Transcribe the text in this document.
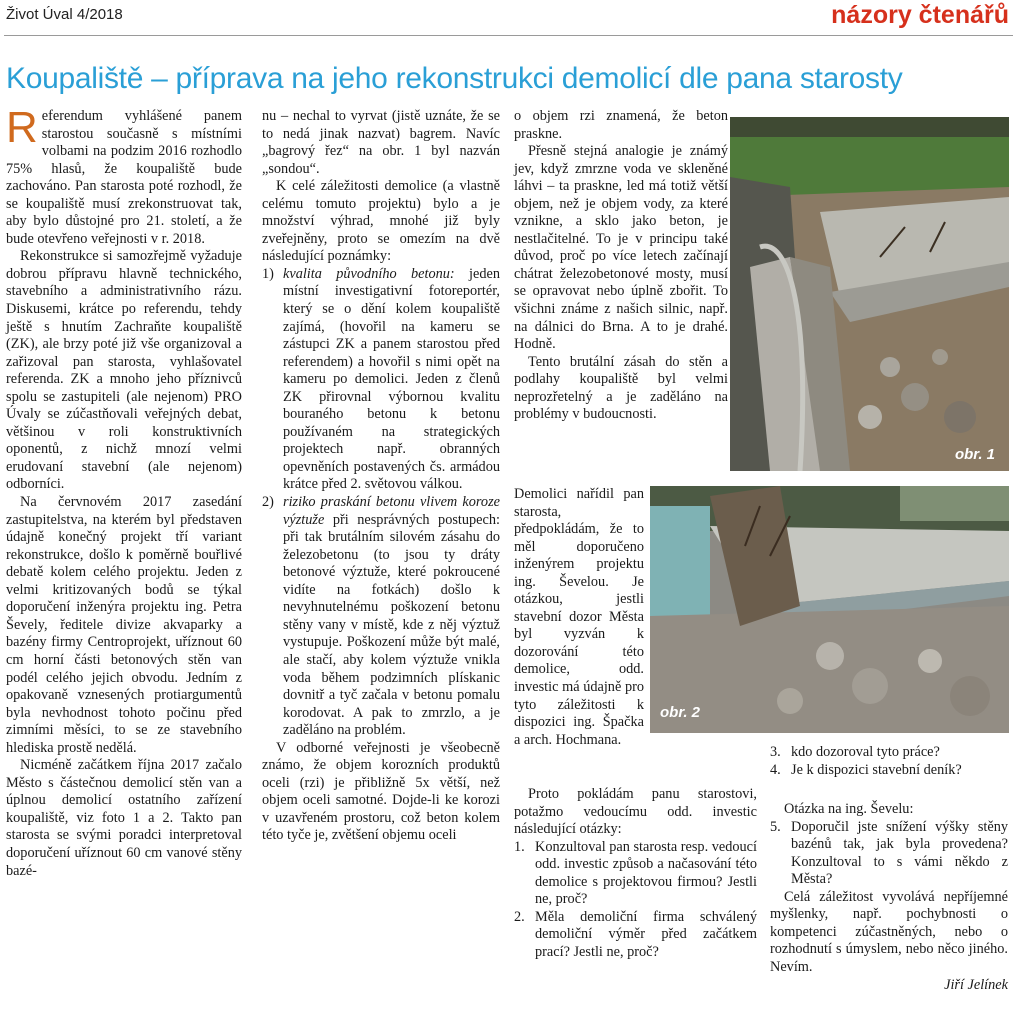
Život Úval 4/2018	názory čtenářů
Koupaliště – příprava na jeho rekonstrukci demolicí dle pana starosty

Referendum vyhlášené panem starostou současně s místními volbami na podzim 2016 rozhodlo 75% hlasů, že koupaliště bude zachováno. Pan starosta poté rozhodl, že se koupaliště musí zrekonstruovat tak, aby bylo důstojné pro 21. století, a že bude otevřeno veřejnosti v r. 2018.

Rekonstrukce si samozřejmě vyžaduje dobrou přípravu hlavně technického, stavebního a administrativního rázu. Diskusemi, krátce po referendu, tehdy ještě s hnutím Zachraňte koupaliště (ZK), ale brzy poté již vše organizoval a zařizoval pan starosta, vyhlašovatel referenda. ZK a mnoho jeho příznivců spolu se zastupiteli (ale nejenom) PRO Úvaly se zúčastňovali veřejných debat, většinou v roli konstruktivních oponentů, z nichž mnozí velmi erudovaní stavební (ale nejenom) odborníci.

Na červnovém 2017 zasedání zastupitelstva, na kterém byl představen údajně konečný projekt tří variant rekonstrukce, došlo k poměrně bouřlivé debatě kolem celého projektu. Jeden z velmi kritizovaných bodů se týkal doporučení inženýra projektu ing. Petra Ševely, ředitele divize akvaparky a bazény firmy Centroprojekt, uříznout 60 cm horní části betonových stěn van podél celého jejich obvodu. Jedním z opakovaně vznesených protiargumentů byla nevhodnost tohoto počinu před zimními měsíci, to se ze stavebního hlediska prostě nedělá.

Nicméně začátkem října 2017 začalo Město s částečnou demolicí stěn van a úplnou demolicí ostatního zařízení koupaliště, viz foto 1 a 2. Takto pan starosta se svými poradci interpretoval doporučení uříznout 60 cm vanové stěny bazé-

nu – nechal to vyrvat (jistě uznáte, že se to nedá jinak nazvat) bagrem. Navíc „bagrový řez“ na obr. 1 byl nazván „sondou“.

K celé záležitosti demolice (a vlastně celému tomuto projektu) bylo a je množství výhrad, mnohé již byly zveřejněny, proto se omezím na dvě následující poznámky:

1) kvalita původního betonu: jeden místní investigativní fotoreportér, který se o dění kolem koupaliště zajímá, (hovořil na kameru se zástupci ZK a panem starostou před referendem) a hovořil s nimi opět na kameru po demolici. Jeden z členů ZK přirovnal výbornou kvalitu bouraného betonu k betonu používaném na strategických projektech např. obranných opevněních postavených čs. armádou krátce před 2. světovou válkou.
2) riziko praskání betonu vlivem koroze výztuže při nesprávných postupech: při tak brutálním silovém zásahu do železobetonu (to jsou ty dráty betonové výztuže, které pokroucené vidíte na fotkách) došlo k nevyhnutelnému poškození betonu stěny vany v místě, kde z něj výztuž vystupuje. Poškození může být malé, ale stačí, aby kolem výztuže vnikla voda během podzimních plískanic dovnitř a tyč začala v betonu pomalu korodovat. A pak to zmrzlo, a je zaděláno na problém.

V odborné veřejnosti je všeobecně známo, že objem korozních produktů oceli (rzi) je přibližně 5x větší, než objem oceli samotné. Dojde-li ke korozi v uzavřeném prostoru, což beton kolem této tyče je, zvětšení objemu oceli

o objem rzi znamená, že beton praskne.

Přesně stejná analogie je známý jev, když zmrzne voda ve skleněné láhvi – ta praskne, led má totiž větší objem, než je objem vody, za které vznikne, a sklo jako beton, je nestlačitelné. To je v principu také důvod, proč po více letech začínají chátrat železobetonové mosty, musí se opravovat nebo úplně zbořit. To všichni známe z našich silnic, např. na dálnici do Brna. A to je drahé. Hodně.

Tento brutální zásah do stěn a podlahy koupaliště byl velmi neprozřetelný a je zaděláno na problémy v budoucnosti.

Demolici nařídil pan starosta, předpokládám, že to měl doporučeno inženýrem projektu ing. Ševelou. Je otázkou, jestli stavební dozor Města byl vyzván k dozorování této demolice, odd. investic má údajně pro tyto záležitosti k dispozici ing. Špačka a arch. Hochmana.

Proto pokládám panu starostovi, potažmo vedoucímu odd. investic následující otázky:

1. Konzultoval pan starosta resp. vedoucí odd. investic způsob a načasování této demolice s projektovou firmou? Jestli ne, proč?
2. Měla demoliční firma schválený demoliční výměr před začátkem prací? Jestli ne, proč?
3. kdo dozoroval tyto práce?
4. Je k dispozici stavební deník?

Otázka na ing. Ševelu:

5. Doporučil jste snížení výšky stěny bazénů tak, jak byla provedena? Konzultoval to s vámi někdo z Města?

Celá záležitost vyvolává nepříjemné myšlenky, např. pochybnosti o kompetenci zúčastněných, nebo o rozhodnutí s úmyslem, nebo něco jiného. Nevím.

Jiří Jelínek

obr. 1
obr. 2
